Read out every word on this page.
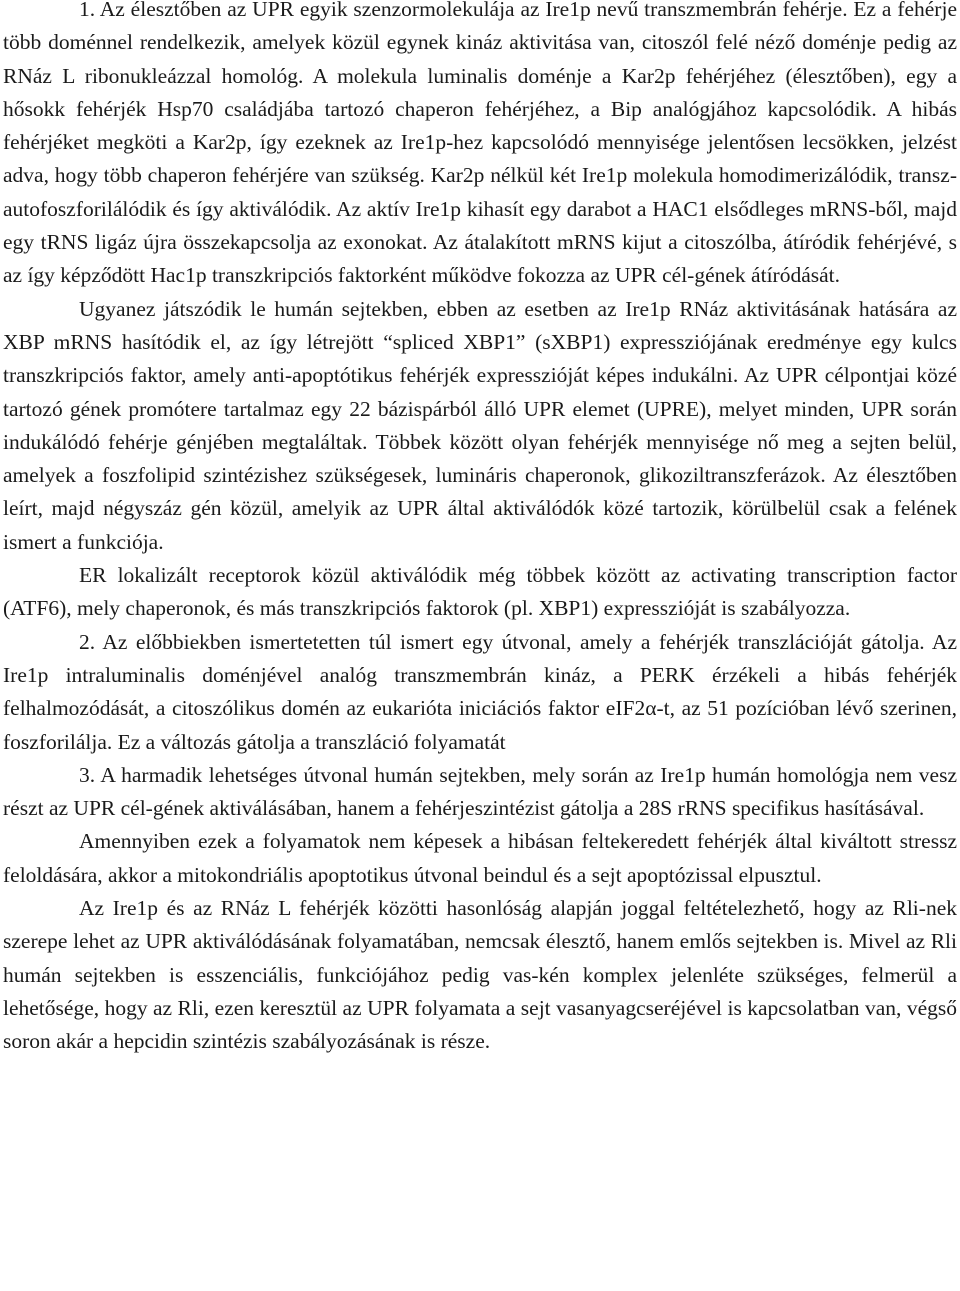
1. Az élesztőben az UPR egyik szenzormolekulája az Ire1p nevű transzmembrán fehérje. Ez a fehérje több doménnel rendelkezik, amelyek közül egynek kináz aktivitása van, citoszól felé néző doménje pedig az RNáz L ribonukleázzal homológ. A molekula luminalis doménje a Kar2p fehérjéhez (élesztőben), egy a hősokk fehérjék Hsp70 családjába tartozó chaperon fehérjéhez, a Bip analógjához kapcsolódik. A hibás fehérjéket megköti a Kar2p, így ezeknek az Ire1p-hez kapcsolódó mennyisége jelentősen lecsökken, jelzést adva, hogy több chaperon fehérjére van szükség. Kar2p nélkül két Ire1p molekula homodimerizálódik, transz-autofoszforilálódik és így aktiválódik. Az aktív Ire1p kihasít egy darabot a HAC1 elsődleges mRNS-ből, majd egy tRNS ligáz újra összekapcsolja az exonokat. Az átalakított mRNS kijut a citoszólba, átíródik fehérjévé, s az így képződött Hac1p transzkripciós faktorként működve fokozza az UPR cél-gének átíródását.

Ugyanez játszódik le humán sejtekben, ebben az esetben az Ire1p RNáz aktivitásának hatására az XBP mRNS hasítódik el, az így létrejött “spliced XBP1” (sXBP1) expressziójának eredménye egy kulcs transzkripciós faktor, amely anti-apoptótikus fehérjék expresszióját képes indukálni. Az UPR célpontjai közé tartozó gének promótere tartalmaz egy 22 bázispárból álló UPR elemet (UPRE), melyet minden, UPR során indukálódó fehérje génjében megtaláltak. Többek között olyan fehérjék mennyisége nő meg a sejten belül, amelyek a foszfolipid szintézishez szükségesek, lumináris chaperonok, glikoziltranszferázok. Az élesztőben leírt, majd négyszáz gén közül, amelyik az UPR által aktiválódók közé tartozik, körülbelül csak a felének ismert a funkciója.

ER lokalizált receptorok közül aktiválódik még többek között az activating transcription factor (ATF6), mely chaperonok, és más transzkripciós faktorok (pl. XBP1) expresszióját is szabályozza.

2. Az előbbiekben ismertetetten túl ismert egy útvonal, amely a fehérjék transzlációját gátolja. Az Ire1p intraluminalis doménjével analóg transzmembrán kináz, a PERK érzékeli a hibás fehérjék felhalmozódását, a citoszólikus domén az eukarióta iniciációs faktor eIF2α-t, az 51 pozícióban lévő szerinen, foszforilálja. Ez a változás gátolja a transzláció folyamatát

3. A harmadik lehetséges útvonal humán sejtekben, mely során az Ire1p humán homológja nem vesz részt az UPR cél-gének aktiválásában, hanem a fehérjeszintézist gátolja a 28S rRNS specifikus hasításával.

Amennyiben ezek a folyamatok nem képesek a hibásan feltekeredett fehérjék által kiváltott stressz feloldására, akkor a mitokondriális apoptotikus útvonal beindul és a sejt apoptózissal elpusztul.

Az Ire1p és az RNáz L fehérjék közötti hasonlóság alapján joggal feltételezhető, hogy az Rli-nek szerepe lehet az UPR aktiválódásának folyamatában, nemcsak élesztő, hanem emlős sejtekben is. Mivel az Rli humán sejtekben is esszenciális, funkciójához pedig vas-kén komplex jelenléte szükséges, felmerül a lehetősége, hogy az Rli, ezen keresztül az UPR folyamata a sejt vasanyagcseréjével is kapcsolatban van, végső soron akár a hepcidin szintézis szabályozásának is része.
